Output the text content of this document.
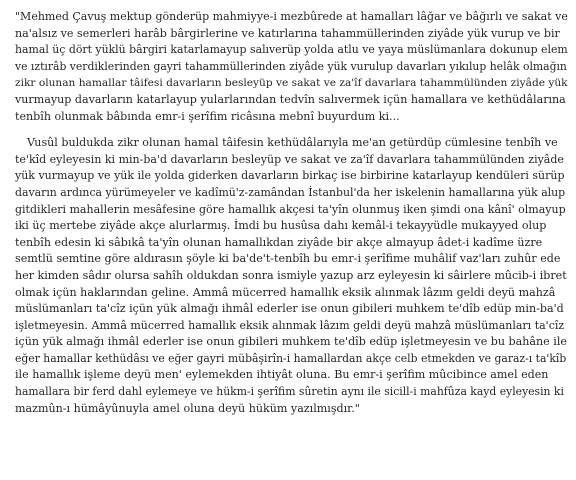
"Mehmed Çavuş mektup gönderüp mahmiyye-i mezbûrede at hamalları lâğar ve bâğırlı ve sakat ve
na'alsız ve semerleri harâb bârgirlerine ve katırlarına tahammüllerinden ziyâde yük vurup ve bir
hamal üç dört yüklü bârgiri katarlamayup salıverüp yolda atlu ve yaya müslümanlara dokunup elem
ve ıztırâb verdiklerinden gayri tahammüllerinden ziyâde yük vurulup davarları yıkılup helâk olmağın
zikr olunan hamallar tâifesi davarların besleyüp ve sakat ve za'îf davarlara tahammülünden ziyâde yük
vurmayup davarların katarlayup yularlarından tedvîn salıvermek içün hamallara ve kethüdâlarına
tenbîh olunmak bâbında emr-i şerîfim ricâsına mebnî buyurdum ki...
Vusûl buldukda zikr olunan hamal tâifesin kethüdâlarıyla me'an getürdüp cümlesine tenbîh ve
te'kîd eyleyesin ki min-ba'd davarların besleyüp ve sakat ve za'îf davarlara tahammülünden ziyâde
yük vurmayup ve yük ile yolda giderken davarların birkaç ise birbirine katarlayup kendüleri sürüp
davarın ardınca yürümeyeler ve kadîmü'z-zamândan İstanbul'da her iskelenin hamallarına yük alup
gitdikleri mahallerin mesâfesine göre hamallık akçesi ta'yîn olunmuş iken şimdi ona kânî' olmayup
iki üç mertebe ziyâde akçe alurlarmış. İmdi bu husûsa dahı kemâl-i tekayyüdle mukayyed olup
tenbîh edesin ki sâbıkâ ta'yîn olunan hamallıkdan ziyâde bir akçe almayup âdet-i kadîme üzre
semtlü semtine göre aldırasın şöyle ki ba'de't-tenbîh bu emr-i şerîfime muhâlif vaz'ları zuhûr ede
her kimden sâdır olursa sahîh oldukdan sonra ismiyle yazup arz eyleyesin ki sâirlere mûcib-i ibret
olmak içün haklarından geline. Ammâ mücerred hamallık eksik alınmak lâzım geldi deyü mahzâ
müslümanları ta'cîz içün yük almağı ihmâl ederler ise onun gibileri muhkem te'dîb edüp min-ba'd
işletmeyesin. Ammâ mücerred hamallık eksik alınmak lâzım geldi deyü mahzâ müslümanları ta'cîz
içün yük almağı ihmâl ederler ise onun gibileri muhkem te'dîb edüp işletmeyesin ve bu bahâne ile
eğer hamallar kethüdâsı ve eğer gayri mübâşirîn-i hamallardan akçe celb etmekden ve garaz-ı ta'kîb
ile hamallık işleme deyü men' eylemekden ihtiyât oluna. Bu emr-i şerîfim mûcibince amel eden
hamallara bir ferd dahl eylemeye ve hükm-i şerîfim sûretin aynı ile sicill-i mahfûza kayd eyleyesin ki
mazmûn-ı hümâyûnuyla amel oluna deyü hüküm yazılmışdır."
